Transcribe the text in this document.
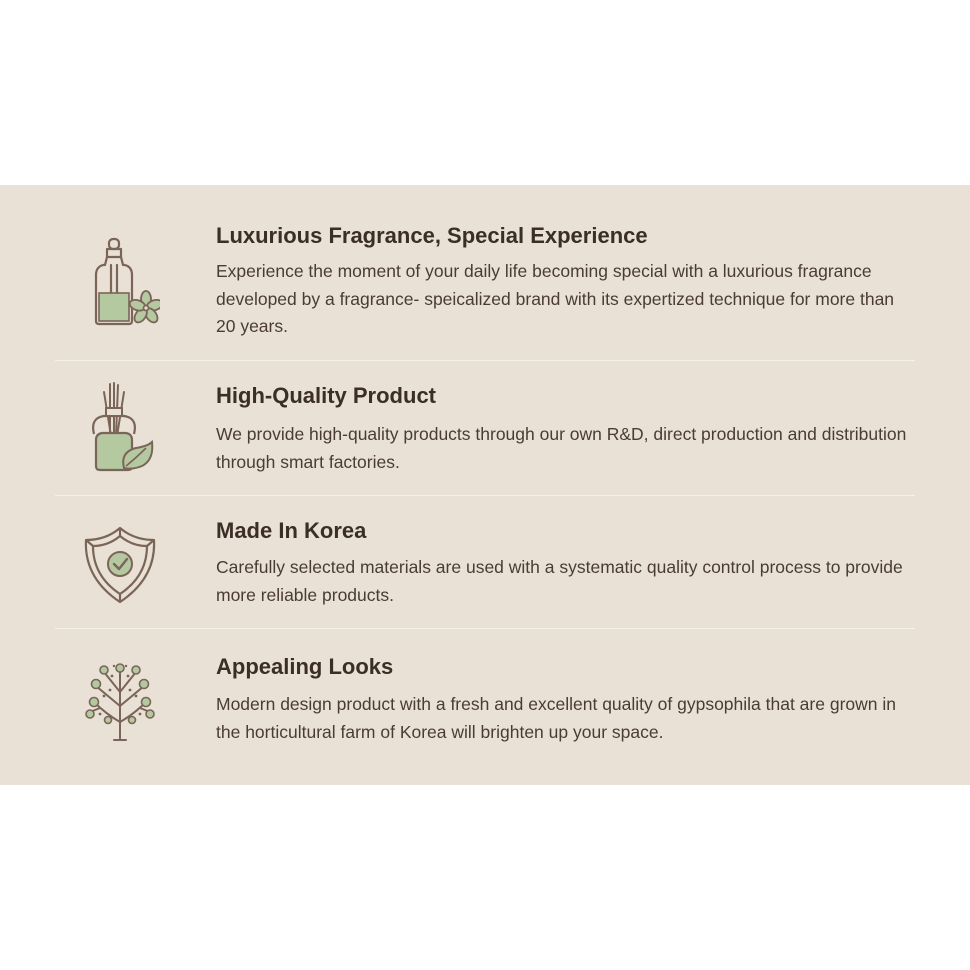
Luxurious Fragrance, Special Experience

Experience the moment of your daily life becoming special with a luxurious fragrance developed by a fragrance- speicalized brand with its expertized technique for more than 20 years.

High-Quality Product

We provide high-quality products through our own R&D, direct production and distribution through smart factories.

Made In Korea

Carefully selected materials are used with a systematic quality control process to provide more reliable products.

Appealing Looks

Modern design product with a fresh and excellent quality of gypsophila that are grown in the horticultural farm of Korea will brighten up your space.
